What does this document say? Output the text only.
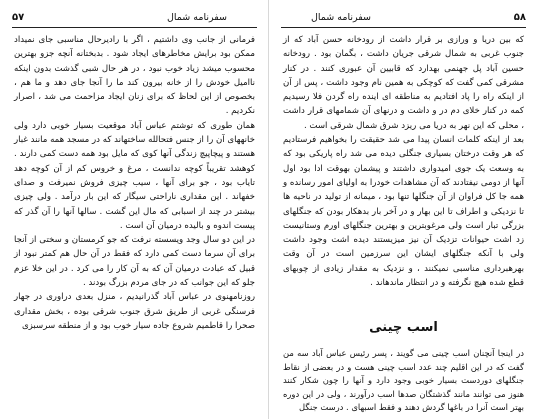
۵۷	سفرنامه شمال

فرمانی از جانب وی داشتیم ، اگر با رادیرحال مناسبی جای نمیداد ممکن بود برایش مخاطرهای ایجاد شود . بدبختانه آنچه جزو بهترین محسوب میشد زیاد خوب نبود ، در هر حال شبی گذشت بدون اینکه ناامیل خودش را از خانه بیرون کند ما را آنجا جای دهد و ما هم ، بخصوص از این لحاظ که برای زنان ایجاد مزاحمت می شد ، اصرار نکردیم .

همان طوری که توشتم عباس آباد موقعیت بسیار خوبی دارد ولی خانههای آن را از جنس فتحالله ساختهاند که در مسجد همه مانند غبار هستند و پیچاپیچ زندگی آنها کوی که مایل بود همه دست کمی دارند . کوهشد تقریباً کوچه ندانست ، مرغ و خروس کم از آن کوچه دهد تاياب بود ، جو برای آنها ، سیب چیزی فروش نمیرفت و صدای خفهاند . این مقداری ناراحتی سیگار که این بار درآمد . ولی چیزی بیشتر در چند از اسبابی که مال این گشت . سالها آنها را آن گذر که پیست اندوه و بالیده درمیان آن است .

در این دو سال وجد ویسسته نرفت که جو کرمستان و سختی از آنجا برای آن سرما دست کمی دارد که فقط در آن حال هم کمتر نبود از قبیل که عبادت درمیان آن که به آن کار را می کرد . در این خلا عزم جلو که این جوانب که در جای مردم بزرگ بودند .

روزنامهنوی در عباس آباد گذرانیدیم ، منزل بعدی دراوری در جهار فرسنگی غربی از طریق شرق جنوب شرقی بوده ، بخش مقداری صحرا را قاطمیم شروع جاده سیار خوب بود و از منطقه سرسبزی

۵۸
سفرنامه شمال

که بین دریا و ورازی بر قرار داشت از رودخانه حسن آباد که از جنوب غربی به شمال شرقی جریان داشت ، بگمان بود . رودخانه حسین آباد پل جهنمی بهدارد که قابیین آن عبوری کنند . در کنار مشرقی کمی گفت که کوچکی به همین نام وجود داشت ، پس از آن از اینکه راه را پاد افتادیم به مناطقه ای اینده راه گردن فلا رسیدیم کمه در کنار خلای دم در و داشت و درنهای آن شمامهای قرار داشت ، محلی که این نهر به دریا می ریزد شرق شمال شرقی است .

بعد از اینکه کلمات انسان پیدا می شد حقیقت را بخواهیم فرستادیم که هر وقت درختان بسیاری جنگلی دیده می شد راه پاریکی بود که به وسعت یک جوی امیدواری داشتند و پیشمان بهوقت ادا بود اول آنها از دومی نیفتادند که آن مشاهدات خودرا به اولیای امور رسانده و همه جا کل فراوان از آن جنگلها تنها بود ، میمانه از تولید در ناحیه ها تا نزدیکی و اطراف تا این بهار و در آخر بار بدهکار بودن که جنگلهای بزرگی تبار است ولی مرغوبترین و بهترین جنگلهای اورم وستانیست زد اشت حیوانات تزدیک آن نیز میزیستند دیده اشت وجود داشت ولی با آنکه جنگلهای ایشان این سرزمین است در آن وقت بهرهبرداری مناسبی نمیکنند ، و نزدیک به مقدار زیادی از چوبهای قطع شده هیچ نگرفته و در انتظار ماندهاند .

اسب چینی

در اینجا آنچنان اسب چینی می گویند ، پسر رئیس عباس آباد سه من گفت که در این اقلیم چند عدد اسب چینی هست و در بعضی از نقاط جنگلهای دوردست بسیار خوبی وجود دارد و آنها را چون شکار کنند هنوز می توانند مانند گذشتگان صدها اسب درآورند ، ولی در این دوره بهتر است آنرا در باغها گردش دهند و فقط اسبهای . درست جنگل
